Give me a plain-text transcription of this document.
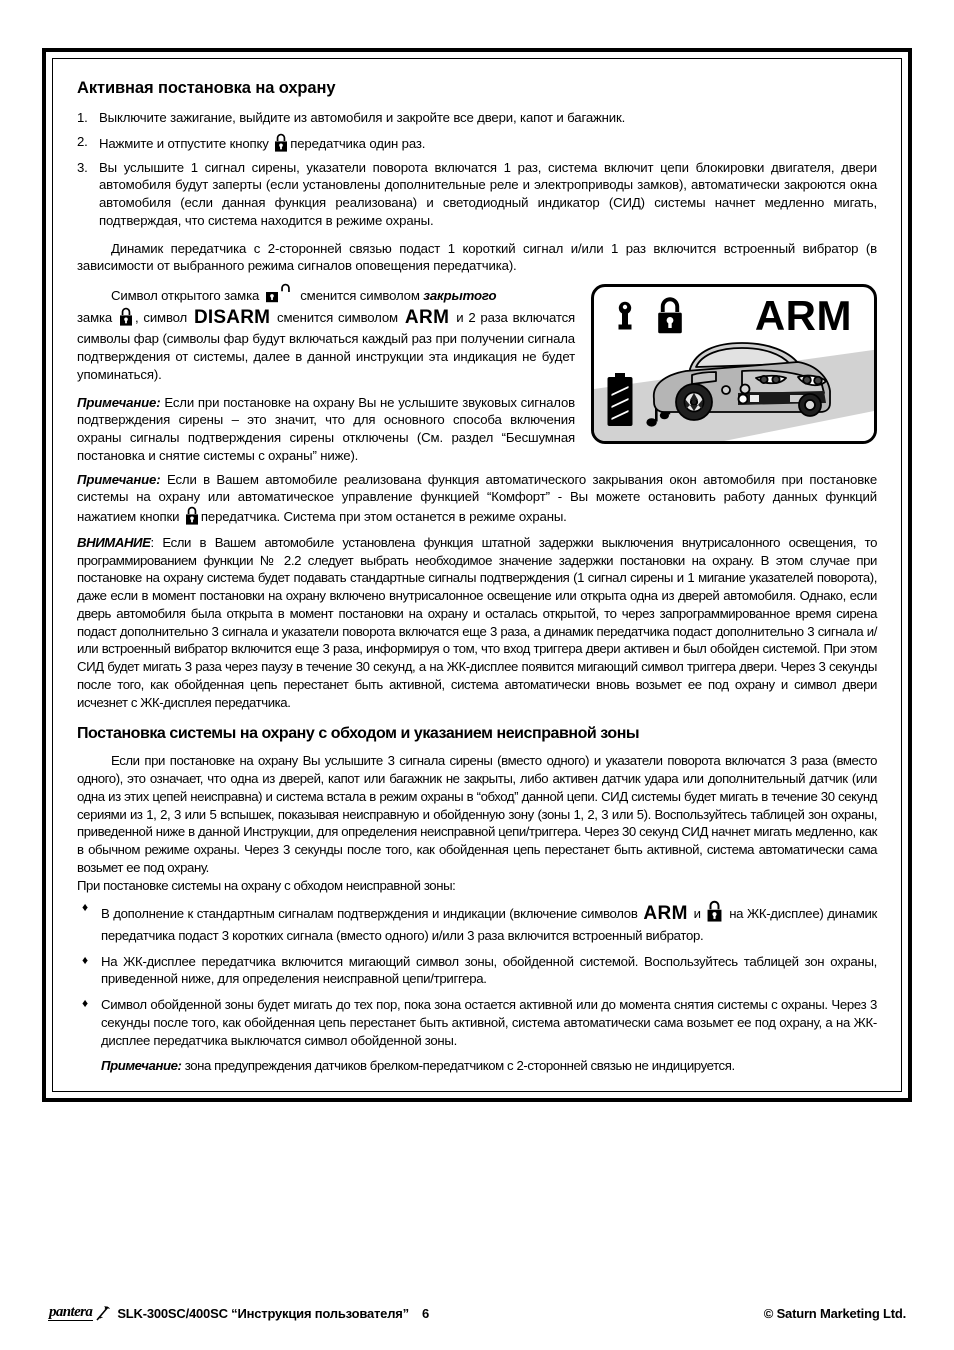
Активная постановка на охрану
1. Выключите зажигание, выйдите из автомобиля и закройте все двери, капот и багажник.
2. Нажмите и отпустите кнопку передатчика один раз.
3. Вы услышите 1 сигнал сирены, указатели поворота включатся 1 раз, система включит цепи блокировки двигателя, двери автомобиля будут заперты (если установлены дополнительные реле и электроприводы замков), автоматически закроются окна автомобиля (если данная функция реализована) и светодиодный индикатор (СИД) системы начнет медленно мигать, подтверждая, что система находится в режиме охраны.

Динамик передатчика с 2-сторонней связью подаст 1 короткий сигнал и/или 1 раз включится встроенный вибратор (в зависимости от выбранного режима сигналов оповещения передатчика).

ARM

Символ открытого замка	сменится символом закрытого
замка , символ DISARM сменится символом ARM и 2 раза включатся символы фар (символы фар будут включаться каждый раз при получении сигнала подтверждения от системы, далее в данной инструкции эта индикация не будет упоминаться).

Примечание: Если при постановке на охрану Вы не услышите звуковых сигналов подтверждения сирены – это значит, что для основного способа включения охраны сигналы подтверждения сирены отключены (См. раздел “Бесшумная постановка и снятие системы с охраны” ниже).

Примечание: Если в Вашем автомобиле реализована функция автоматического закрывания окон автомобиля при постановке системы на охрану или автоматическое управление функцией “Комфорт” - Вы можете остановить работу данных функций нажатием кнопки передатчика. Система при этом останется в режиме охраны.

ВНИМАНИЕ: Если в Вашем автомобиле установлена функция штатной задержки выключения внутрисалонного освещения, то программированием функции № 2.2 следует выбрать необходимое значение задержки постановки на охрану. В этом случае при постановке на охрану система будет подавать стандартные сигналы подтверждения (1 сигнал сирены и 1 мигание указателей поворота), даже если в момент постановки на охрану включено внутрисалонное освещение или открыта одна из дверей автомобиля. Однако, если дверь автомобиля была открыта в момент постановки на охрану и осталась открытой, то через запрограммированное время сирена подаст дополнительно 3 сигнала и указатели поворота включатся еще 3 раза, а динамик передатчика подаст дополнительно 3 сигнала и/или встроенный вибратор включится еще 3 раза, информируя о том, что вход триггера двери активен и был обойден системой. При этом СИД будет мигать 3 раза через паузу в течение 30 секунд, а на ЖК-дисплее появится мигающий символ триггера двери. Через 3 секунды после того, как обойденная цепь перестанет быть активной, система автоматически вновь возьмет ее под охрану и символ двери исчезнет с ЖК-дисплея передатчика.

Постановка системы на охрану с обходом и указанием неисправной зоны

Если при постановке на охрану Вы услышите 3 сигнала сирены (вместо одного) и указатели поворота включатся 3 раза (вместо одного), это означает, что одна из дверей, капот или багажник не закрыты, либо активен датчик удара или дополнительный датчик (или одна из этих цепей неисправна) и система встала в режим охраны в “обход” данной цепи. СИД системы будет мигать в течение 30 секунд сериями из 1, 2, 3 или 5 вспышек, показывая неисправную и обойденную зону (зоны 1, 2, 3 или 5). Воспользуйтесь таблицей зон охраны, приведенной ниже в данной Инструкции, для определения неисправной цепи/триггера. Через 30 секунд СИД начнет мигать медленно, как в обычном режиме охраны. Через 3 секунды после того, как обойденная цепь перестанет быть активной, система автоматически сама возьмет ее под охрану.

При постановке системы на охрану с обходом неисправной зоны:

♦ В дополнение к стандартным сигналам подтверждения и индикации (включение символов ARM и на ЖК-дисплее) динамик передатчика подаст 3 коротких сигнала (вместо одного) и/или 3 раза включится встроенный вибратор.
♦ На ЖК-дисплее передатчика включится мигающий символ зоны, обойденной системой. Воспользуйтесь таблицей зон охраны, приведенной ниже, для определения неисправной цепи/триггера.
♦ Символ обойденной зоны будет мигать до тех пор, пока зона остается активной или до момента снятия системы с охраны. Через 3 секунды после того, как обойденная цепь перестанет быть активной, система автоматически сама возьмет ее под охрану, а на ЖК-дисплее передатчика выключатся символ обойденной зоны.

Примечание: зона предупреждения датчиков брелком-передатчиком с 2-сторонней связью не индицируется.

pantera SLK-300SC/400SC “Инструкция пользователя” 6	© Saturn Marketing Ltd.
